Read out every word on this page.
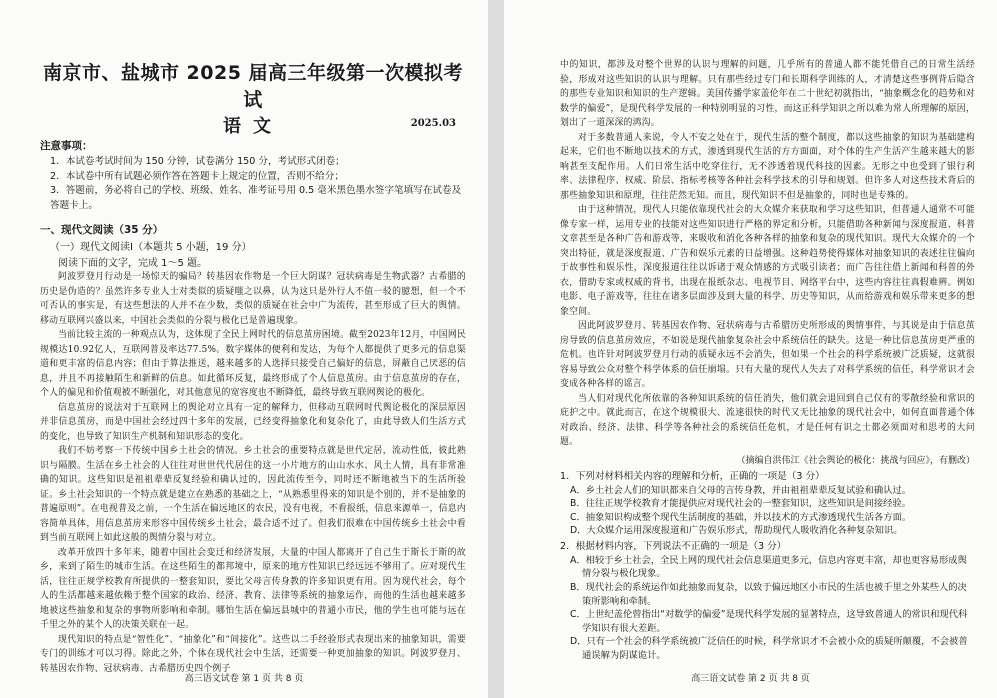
南京市、盐城市 2025 届高三年级第一次模拟考试
语文	2025.03
注意事项：
1．本试卷考试时间为 150 分钟，试卷满分 150 分，考试形式闭卷；
2．本试卷中所有试题必须作答在答题卡上规定的位置，否则不给分；
3．答题前，务必将自己的学校、班级、姓名、准考证号用 0.5 毫米黑色墨水签字笔填写在试卷及答题卡上。
一、现代文阅读（35 分）
（一）现代文阅读Ⅰ（本题共 5 小题，19 分）
阅读下面的文字，完成 1～5 题。

阿波罗登月行动是一场惊天的骗局？转基因农作物是一个巨大阴谋？冠状病毒是生物武器？古希腊的历史是伪造的？虽然许多专业人士对类似的质疑嗤之以鼻，认为这只是外行人不值一驳的臆想，但一个不可否认的事实是，有这些想法的人并不在少数，类似的质疑在社会中广为流传，甚至形成了巨大的舆情。移动互联网兴盛以来，中国社会类似的分裂与极化已是普遍现象。

当前比较主流的一种观点认为，这体现了全民上网时代的信息茧房困境。截至2023年12月，中国网民规模达10.92亿人，互联网普及率达77.5%。数字媒体的便利和发达，为每个人都提供了更多元的信息渠道和更丰富的信息内容；但由于算法推送，越来越多的人选择只接受自己偏好的信息，屏蔽自己厌恶的信息，并且不再接触陌生和新鲜的信息。如此循环反复，最终形成了个人信息茧房。由于信息茧房的存在，个人的偏见和价值观被不断强化，对其他意见的宽容度也不断降低，最终导致互联网舆论的极化。

信息茧房的说法对于互联网上的舆论对立具有一定的解释力，但移动互联网时代舆论极化的深层原因并非信息茧房，而是中国社会经过四十多年的发展，已经变得抽象化和复杂化了，由此导致人们生活方式的变化，也导致了知识生产机制和知识形态的变化。

我们不妨考察一下传统中国乡土社会的情况。乡土社会的重要特点就是世代定居，流动性低，彼此熟识与隔膜。生活在乡土社会的人往往对世世代代居住的这一小片地方的山山水水、风土人情，具有非常准确的知识。这些知识是祖祖辈辈反复经验和确认过的，因此流传至今，同时还不断地被当下的生活所验证。乡土社会知识的一个特点就是建立在熟悉的基础之上，“从熟悉里得来的知识是个别的，并不是抽象的普遍原则”。在电视普及之前，一个生活在偏远地区的农民，没有电视，不看报纸，信息来源单一，信息内容简单具体，用信息茧房来形容中国传统乡土社会，最合适不过了。但我们很难在中国传统乡土社会中看到当前互联网上如此这般的舆情分裂与对立。

改革开放四十多年来，随着中国社会变迁和经济发展，大量的中国人都离开了自己生于斯长于斯的故乡，来到了陌生的城市生活。在这些陌生的都邦境中，原来的地方性知识已经远远不够用了。应对现代生活，往往正规学校教育所提供的一整套知识，要比父母言传身教的许多知识更有用。因为现代社会，每个人的生活都越来越依赖于整个国家的政治、经济、教育、法律等系统的抽象运作，而他的生活也越来越多地被这些抽象和复杂的事物所影响和牵制。哪怕生活在偏远县城中的普通小市民，他的学生也可能与远在千里之外的某个人的决策关联在一起。

现代知识的特点是“智性化”、“抽象化”和“间接化”。这些以二手经验形式表现出来的抽象知识，需要专门的训练才可以习得。除此之外，个体在现代社会中生活，还需要一种更加抽象的知识。阿波罗登月、转基因农作物、冠状病毒、古希腊历史四个例子

高三语文试卷 第 1 页 共 8 页

中的知识，都涉及对整个世界的认识与理解的问题，几乎所有的普通人都不能凭借自己的日常生活经验，形成对这些知识的认识与理解。只有那些经过专门和长期科学训练的人，才清楚这些事例背后隐含的那些专业知识和知识的生产逻辑。美国传播学家盖伦年在二十世纪初就指出，“抽象概念化的趋势和对数学的偏爱”，是现代科学发展的一种特别明显的习性，而这正科学知识之所以难为常人所理解的原因，划出了一道深深的鸿沟。

对于多数普通人来说，令人不安之处在于，现代生活的整个制度，都以这些抽象的知识为基础建构起来，它们也不断地以技术的方式，渗透到现代生活的方方面面，对个体的生产生活产生越来越大的影响甚至支配作用。人们日常生活中吃穿住行，无不涉透着现代科技的因素。无形之中也受到了银行利率、法律程序、权威、阶层、指标考核等各种社会科学技术的引导和规划。但许多人对这些技术背后的那些抽象知识和原理，往往茫然无知。而且，现代知识不但是抽象的，同时也是专殊的。

由于这种情况，现代人只能依靠现代社会的大众媒介来获取和学习这些知识，但普通人通常不可能像专家一样，运用专业的技能对这些知识进行严格的界定和分析，只能借助各种新闻与深度报道、科普文章甚至是各种广告和游戏等，来吸收和消化各种各样的抽象和复杂的现代知识。现代大众媒介的一个突出特征，就是深度报道、广告和娱乐元素的日益增强。这种趋势使得媒体对抽象知识的表述往往偏向于故事性和娱乐性，深度报道往往以诉诸于观众情感的方式吸引读者；而广告往往借上新闻和科普的外衣，借助专家或权威的背书，出现在报纸杂志、电视节目、网络平台中，这些内容往往真假难辨。例如电影、电子游戏等，往往在诸多层面涉及到大量的科学、历史等知识，从而给游戏和娱乐带来更多的想象空间。

因此阿波罗登月、转基因农作物、冠状病毒与古希腊历史所形成的舆情事件，与其说是由于信息茧房导致的信息茧房效应，不如说是现代抽象复杂社会中系统信任的缺失。这是一种比信息茧房更严重的危机。也许针对阿波罗登月行动的质疑永远不会消失，但如果一个社会的科学系统被广泛质疑，这就很容易导致公众对整个科学体系的信任崩塌。只有大量的现代人失去了对科学系统的信任，科学常识才会变成各种各样的谣言。

当人们对现代化所依靠的各种知识系统的信任消失，他们就会退回到自己仅有的零散经验和常识的庇护之中。就此而言，在这个规模很大、流速很快的时代又无比抽象的现代社会中，如何直面普通个体对政治、经济、法律、科学等各种社会的系统信任危机，才是任何有识之士都必须面对和思考的大问题。

（摘编自洪伟江《社会舆论的极化：挑战与回应》，有删改）
1．下列对材料相关内容的理解和分析，正确的一项是（3 分）
A．乡土社会人们的知识都来自父母的言传身教，并由祖祖辈辈反复试验和确认过。
B．往往正规学校教育才能提供应对现代社会的一整套知识，这些知识是间接经验。
C．抽象知识构成整个现代生活制度的基础，并以技术的方式渗透现代生活各方面。
D．大众媒介运用深度报道和广告娱乐形式，帮助现代人吸收消化各种复杂知识。
2．根据材料内容，下列说法不正确的一项是（3 分）
A．相较于乡土社会，全民上网的现代社会信息渠道更多元，信息内容更丰富，却也更容易形成舆情分裂与极化现象。
B．现代社会的系统运作如此抽象而复杂，以致于偏远地区小市民的生活也被千里之外某些人的决策所影响和牵制。
C．上世纪盖伦曾指出“对数学的偏爱”是现代科学发展的显著特点，这导致普通人的常识和现代科学知识有很大差距。
D．只有一个社会的科学系统被广泛信任的时候，科学常识才不会被小众的质疑所颠覆，不会被普通误解为阴谋诡计。
高三语文试卷 第 2 页 共 8 页
